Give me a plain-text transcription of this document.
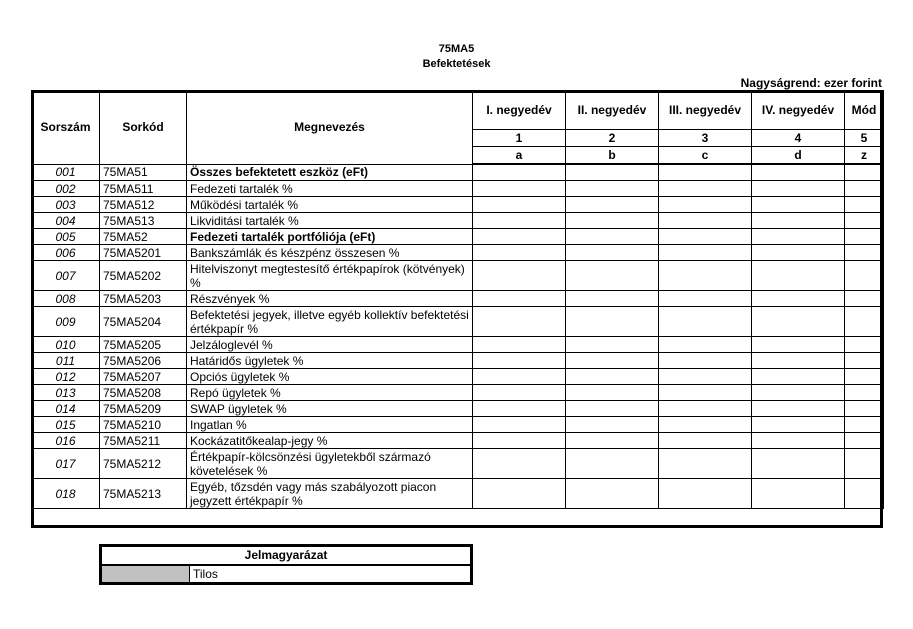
75MA5
Befektetések
Nagyságrend: ezer forint
Sorszám	Sorkód	Megnevezés	I. negyedév	II. negyedév	III. negyedév	IV. negyedév	Mód
			1	2	3	4	5
			a	b	c	d	z
001	75MA51	Összes befektetett eszköz (eFt)					
002	75MA511	Fedezeti tartalék %					
003	75MA512	Működési tartalék %					
004	75MA513	Likviditási tartalék %					
005	75MA52	Fedezeti tartalék portfóliója (eFt)					
006	75MA5201	Bankszámlák és készpénz összesen %					
007	75MA5202	Hitelviszonyt megtestesítő értékpapírok (kötvények) %					
008	75MA5203	Részvények %					
009	75MA5204	Befektetési jegyek, illetve egyéb kollektív befektetési értékpapír %					
010	75MA5205	Jelzáloglevél %					
011	75MA5206	Határidős ügyletek %					
012	75MA5207	Opciós ügyletek %					
013	75MA5208	Repó ügyletek %					
014	75MA5209	SWAP ügyletek %					
015	75MA5210	Ingatlan %					
016	75MA5211	Kockázatitőkealap-jegy %					
017	75MA5212	Értékpapír-kölcsönzési ügyletekből származó követelések %					
018	75MA5213	Egyéb, tőzsdén vagy más szabályozott piacon jegyzett értékpapír %					
Jelmagyarázat
Tilos
